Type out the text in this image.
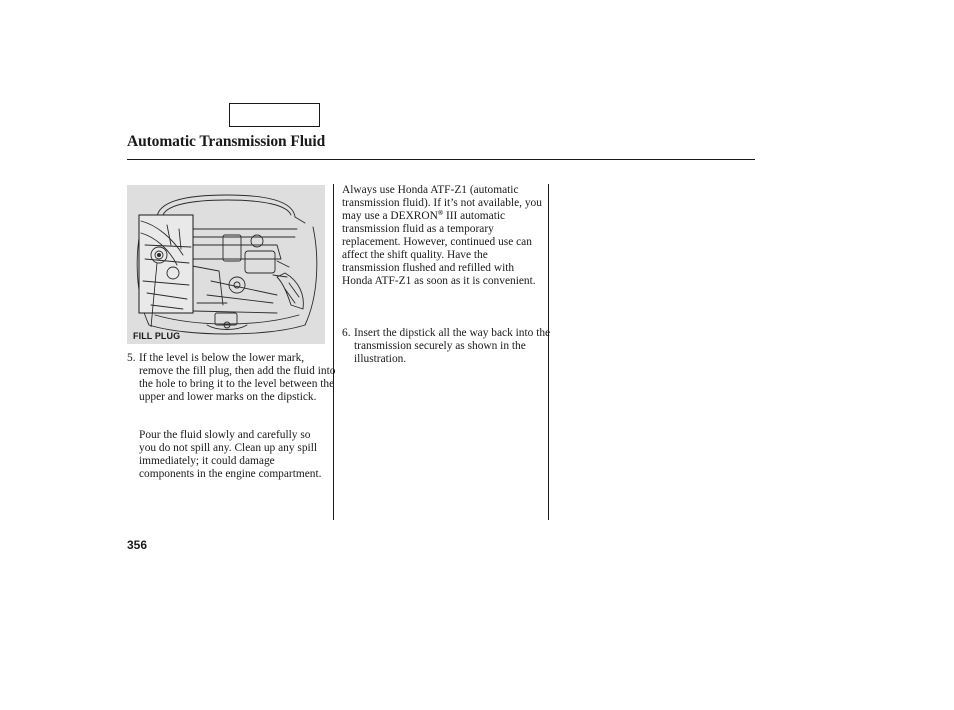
Automatic Transmission Fluid
FILL PLUG
5. If the level is below the lower mark, remove the fill plug, then add the fluid into the hole to bring it to the level between the upper and lower marks on the dipstick.
Pour the fluid slowly and carefully so you do not spill any. Clean up any spill immediately; it could damage components in the engine compartment.
Always use Honda ATF-Z1 (automatic transmission fluid). If it’s not available, you may use a DEXRON® III automatic transmission fluid as a temporary replacement. However, continued use can affect the shift quality. Have the transmission flushed and refilled with Honda ATF-Z1 as soon as it is convenient.
6. Insert the dipstick all the way back into the transmission securely as shown in the illustration.
356
